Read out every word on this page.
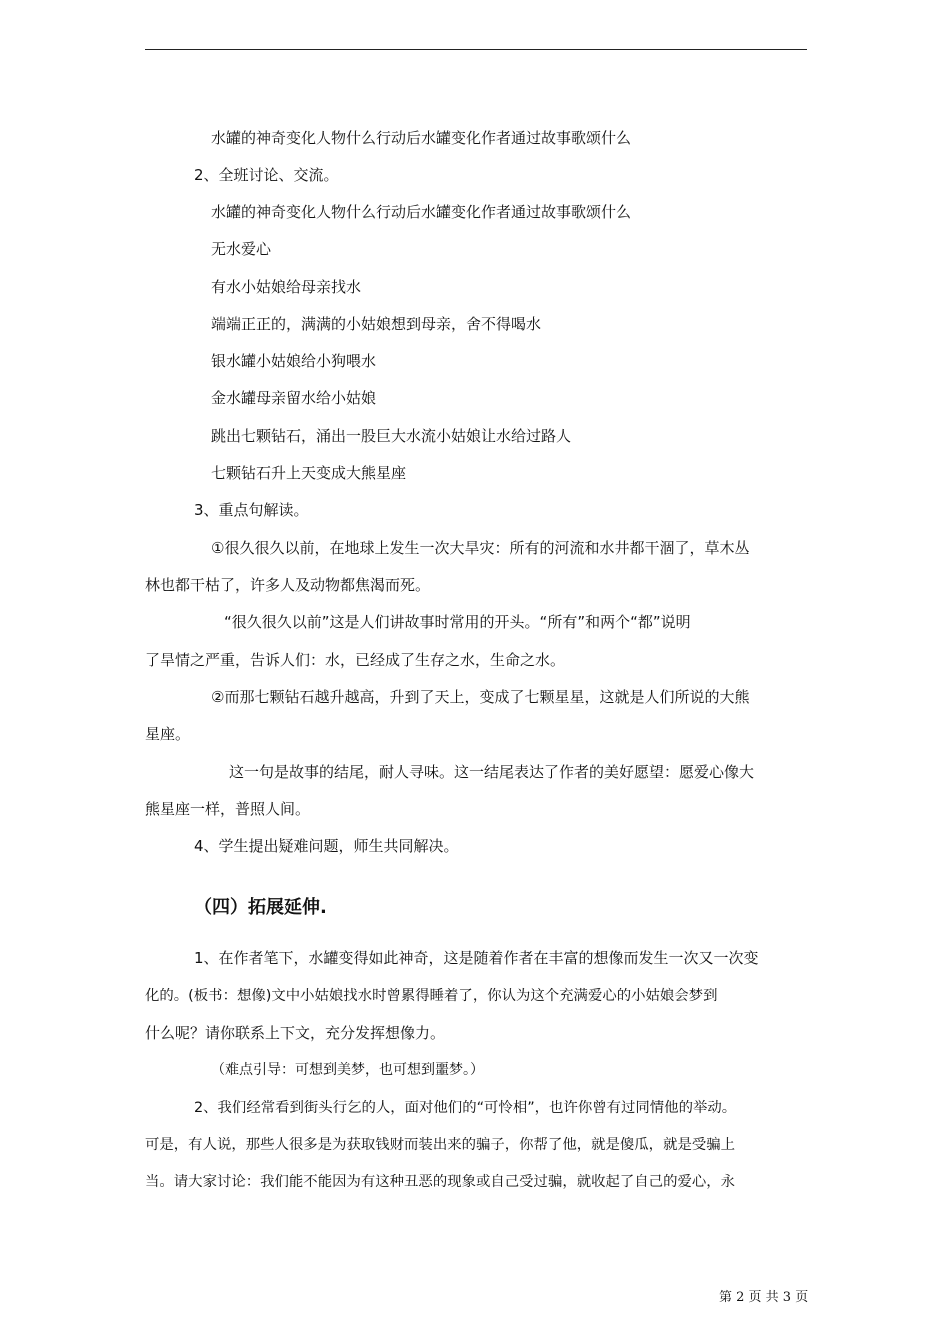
水罐的神奇变化人物什么行动后水罐变化作者通过故事歌颂什么
2、全班讨论、交流。
水罐的神奇变化人物什么行动后水罐变化作者通过故事歌颂什么
无水爱心
有水小姑娘给母亲找水
端端正正的，满满的小姑娘想到母亲，舍不得喝水
银水罐小姑娘给小狗喂水
金水罐母亲留水给小姑娘
跳出七颗钻石，涌出一股巨大水流小姑娘让水给过路人
七颗钻石升上天变成大熊星座
3、重点句解读。
①很久很久以前，在地球上发生一次大旱灾：所有的河流和水井都干涸了，草木丛
林也都干枯了，许多人及动物都焦渴而死。
“很久很久以前”这是人们讲故事时常用的开头。“所有”和两个“都”说明
了旱情之严重，告诉人们：水，已经成了生存之水，生命之水。
②而那七颗钻石越升越高，升到了天上，变成了七颗星星，这就是人们所说的大熊
星座。
这一句是故事的结尾，耐人寻味。这一结尾表达了作者的美好愿望：愿爱心像大
熊星座一样，普照人间。
4、学生提出疑难问题，师生共同解决。
（四）拓展延伸.
1、在作者笔下，水罐变得如此神奇，这是随着作者在丰富的想像而发生一次又一次变
化的。(板书：想像)文中小姑娘找水时曾累得睡着了，你认为这个充满爱心的小姑娘会梦到
什么呢？请你联系上下文，充分发挥想像力。
（难点引导：可想到美梦，也可想到噩梦。）
2、我们经常看到街头行乞的人，面对他们的“可怜相”，也许你曾有过同情他的举动。
可是，有人说，那些人很多是为获取钱财而装出来的骗子，你帮了他，就是傻瓜，就是受骗上
当。请大家讨论：我们能不能因为有这种丑恶的现象或自己受过骗，就收起了自己的爱心，永
第 2 页 共 3 页
